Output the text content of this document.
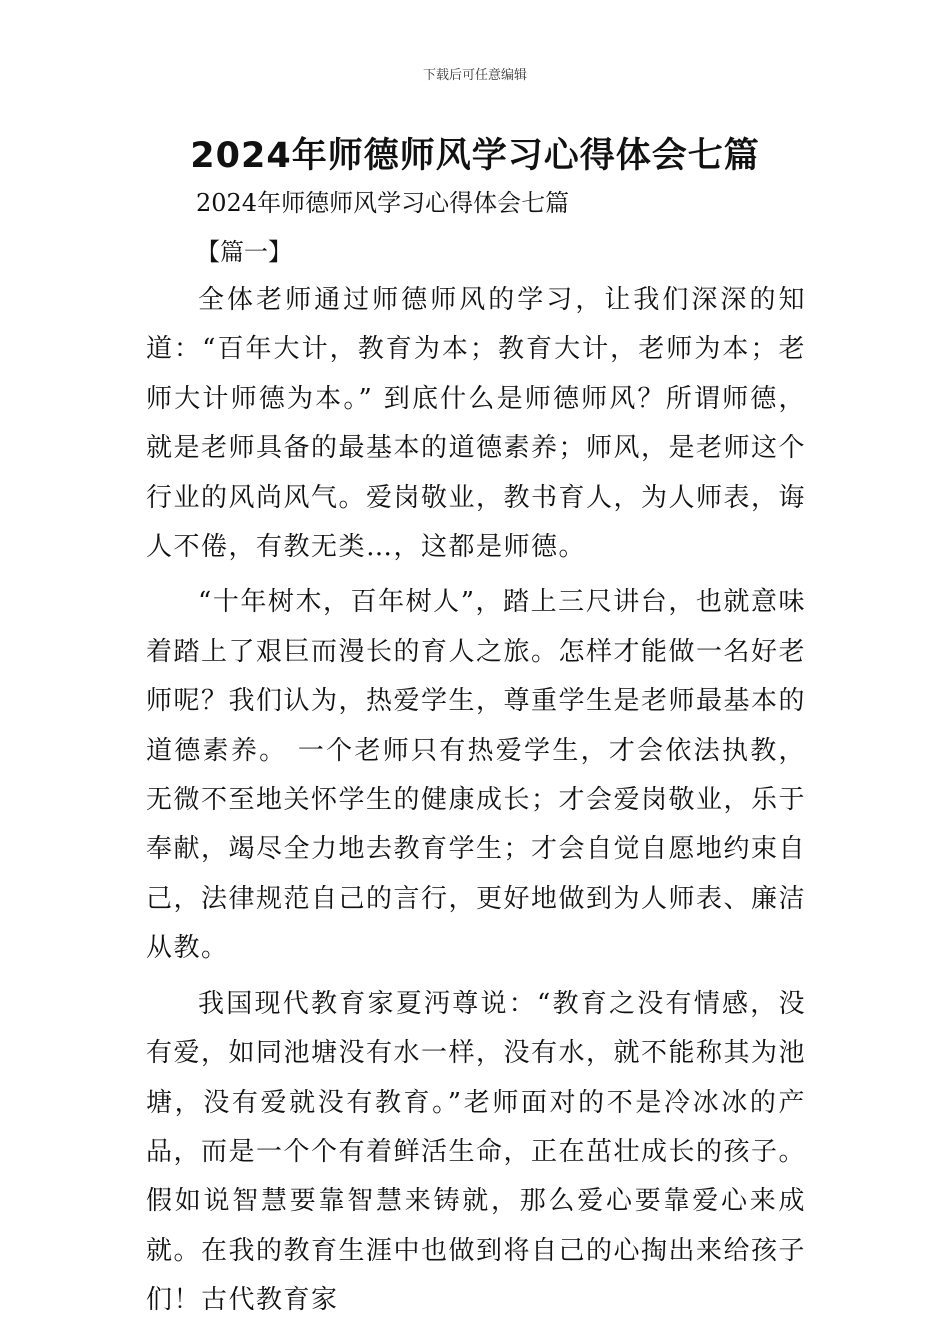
下载后可任意编辑
2024年师德师风学习心得体会七篇
2024年师德师风学习心得体会七篇
【篇一】

全体老师通过师德师风的学习，让我们深深的知道：“百年大计，教育为本；教育大计，老师为本；老师大计师德为本。” 到底什么是师德师风？所谓师德，就是老师具备的最基本的道德素养；师风，是老师这个行业的风尚风气。爱岗敬业，教书育人，为人师表，诲人不倦，有教无类…，这都是师德。

“十年树木，百年树人”，踏上三尺讲台，也就意味着踏上了艰巨而漫长的育人之旅。怎样才能做一名好老师呢？我们认为，热爱学生，尊重学生是老师最基本的道德素养。 一个老师只有热爱学生，才会依法执教，无微不至地关怀学生的健康成长；才会爱岗敬业，乐于奉献，竭尽全力地去教育学生；才会自觉自愿地约束自己，法律规范自己的言行，更好地做到为人师表、廉洁从教。

我国现代教育家夏沔尊说：“教育之没有情感，没有爱，如同池塘没有水一样，没有水，就不能称其为池塘，没有爱就没有教育。”老师面对的不是冷冰冰的产品，而是一个个有着鲜活生命，正在茁壮成长的孩子。假如说智慧要靠智慧来铸就，那么爱心要靠爱心来成就。在我的教育生涯中也做到将自己的心掏出来给孩子们！古代教育家
